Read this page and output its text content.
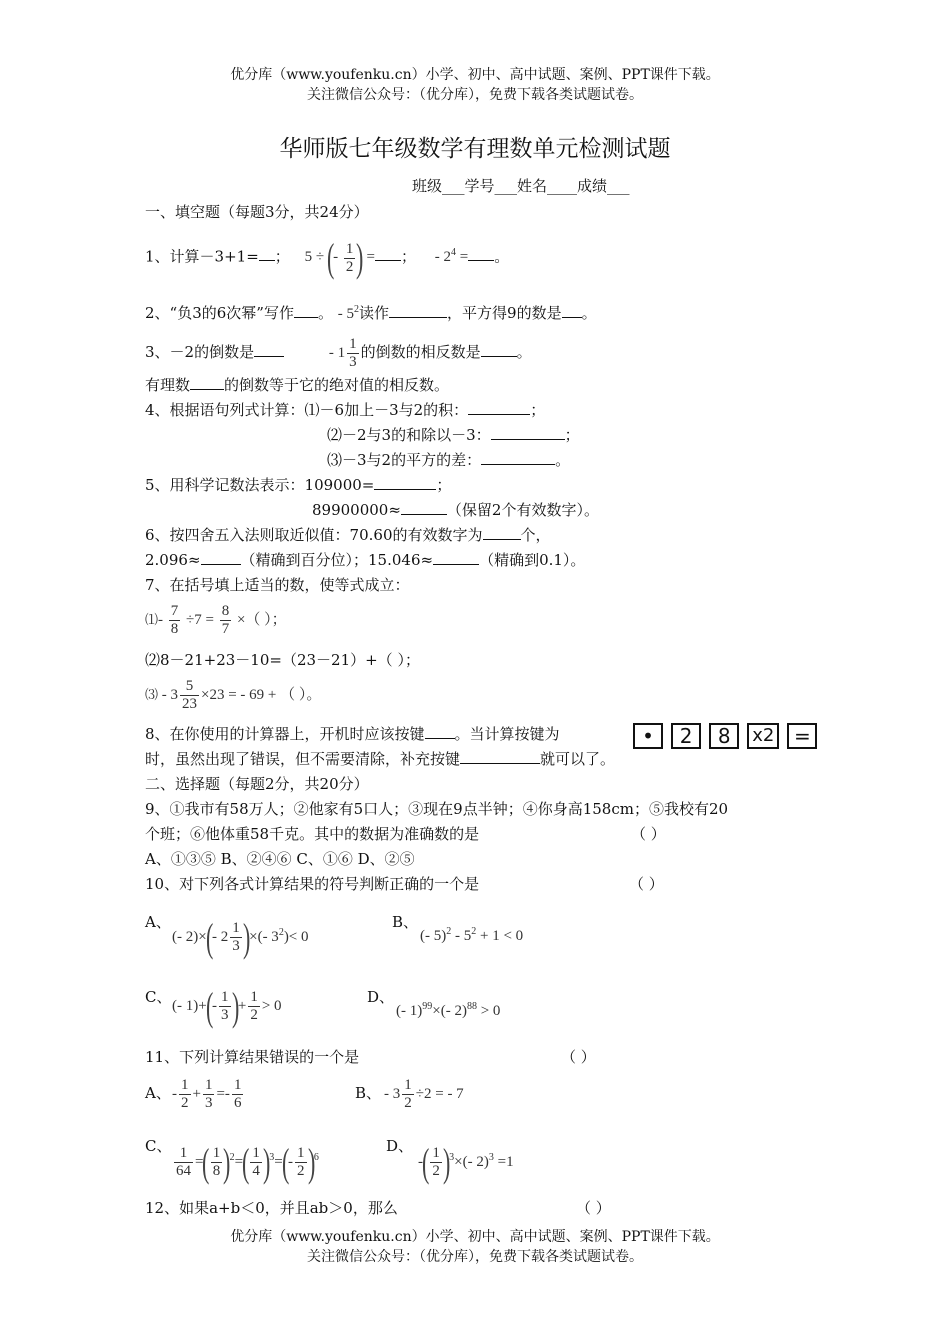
优分库（www.youfenku.cn）小学、初中、高中试题、案例、PPT课件下载。
关注微信公众号：（优分库），免费下载各类试题试卷。
华师版七年级数学有理数单元检测试题
班级___学号___姓名____成绩___
一、填空题（每题3分，共24分）
1、计算－3+1= ； 5 ÷ (- $\frac{1}{2}$ ) = ； - $2^4$ = 。
2、“负3的6次幂”写作 。 - $5^2$读作	，平方得9的数是 。
3、－2的倒数是	- $1 \frac{1}{3}$ 的倒数的相反数是 。
有理数 的倒数等于它的绝对值的相反数。
4、根据语句列式计算：⑴－6加上－3与2的积：	；
⑵－2与3的和除以－3：	；
⑶－3与2的平方的差：	。
5、用科学记数法表示：109000=	；
89900000≈	（保留2个有效数字）。
6、按四舍五入法则取近似值：70.60的有效数字为	个，
2.096≈	（精确到百分位）；15.046≈	（精确到0.1）。
7、在括号填上适当的数，使等式成立：
⑴- $\frac{7}{8} \div 7 = \frac{8}{7}$ ×（ ）；
⑵8－21+23－10=（23－21）+（ ）；
⑶ - $3 \frac{5}{23} \times 23$ = - 69 + （ ）。
8、在你使用的计算器上，开机时应该按键 。当计算按键为	• 2 8 x2 =
时，虽然出现了错误，但不需要清除，补充按键	就可以了。
二、选择题（每题2分，共20分）
9、①我市有58万人；②他家有5口人；③现在9点半钟；④你身高158cm；⑤我校有20
个班；⑥他体重58千克。其中的数据为准确数的是	（ ）
A、①③⑤ B、②④⑥ C、①⑥ D、②⑤
10、对下列各式计算结果的符号判断正确的一个是	（ ）
A、
(- 2)×(- $2 \frac{1}{3}$ )×(- $3^2)< 0$
B、
(- $5)^2 - 5^2 + 1 < 0$
C、 (- $1)+(- \frac{1}{3}$ )+ $\frac{1}{2} > 0$	D、
(- 1)$^{99}$×(- 2)$^{88}$ > 0
11、下列计算结果错误的一个是	（ ）
A、 - $\frac{1}{2} + \frac{1}{3} =- \frac{1}{6}$	B、 - $3 \frac{1}{2} \div 2$ = - 7
C、 $\frac{1}{64}$ =( $\frac{1}{8} )^2=( \frac{1}{4} )^3=(- \frac{1}{2} )^6$
D、
-( $\frac{1}{2} )^3\times(-$ 2)$^3$ =1
12、如果a+b＜0，并且ab＞0，那么	（ ）
优分库（www.youfenku.cn）小学、初中、高中试题、案例、PPT课件下载。
关注微信公众号：（优分库），免费下载各类试题试卷。
